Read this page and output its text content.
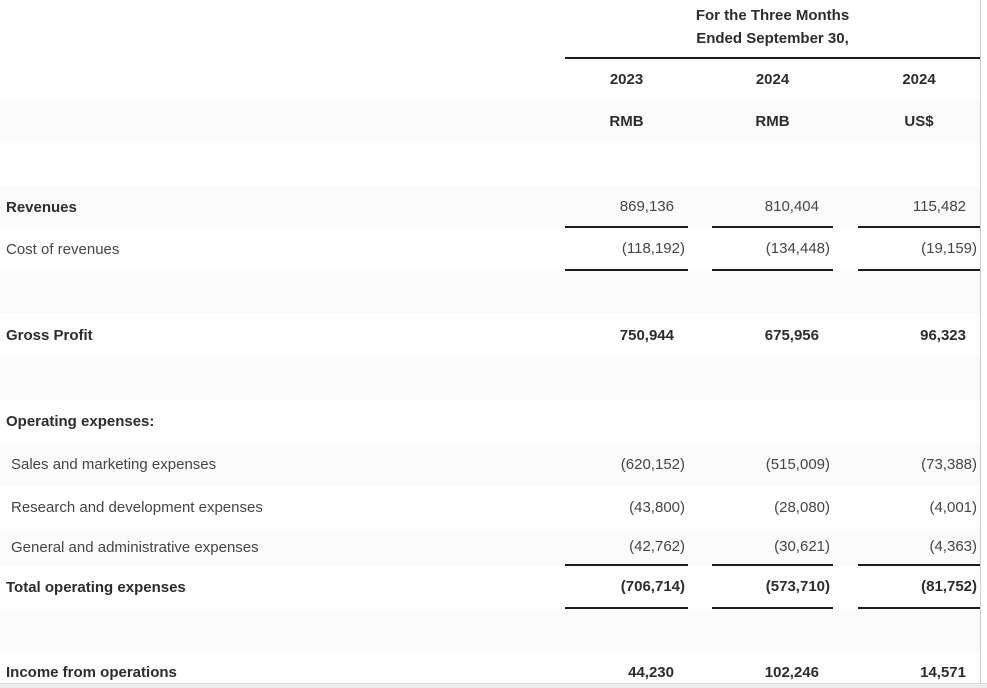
For the Three Months
Ended September 30,
2023	2024	2024
RMB	RMB	US$
Revenues	869,136	810,404	115,482
Cost of revenues	(118,192)	(134,448)	(19,159)
Gross Profit	750,944	675,956	96,323
Operating expenses:
Sales and marketing expenses	(620,152)	(515,009)	(73,388)
Research and development expenses	(43,800)	(28,080)	(4,001)
General and administrative expenses	(42,762)	(30,621)	(4,363)
Total operating expenses	(706,714)	(573,710)	(81,752)
Income from operations	44,230	102,246	14,571
